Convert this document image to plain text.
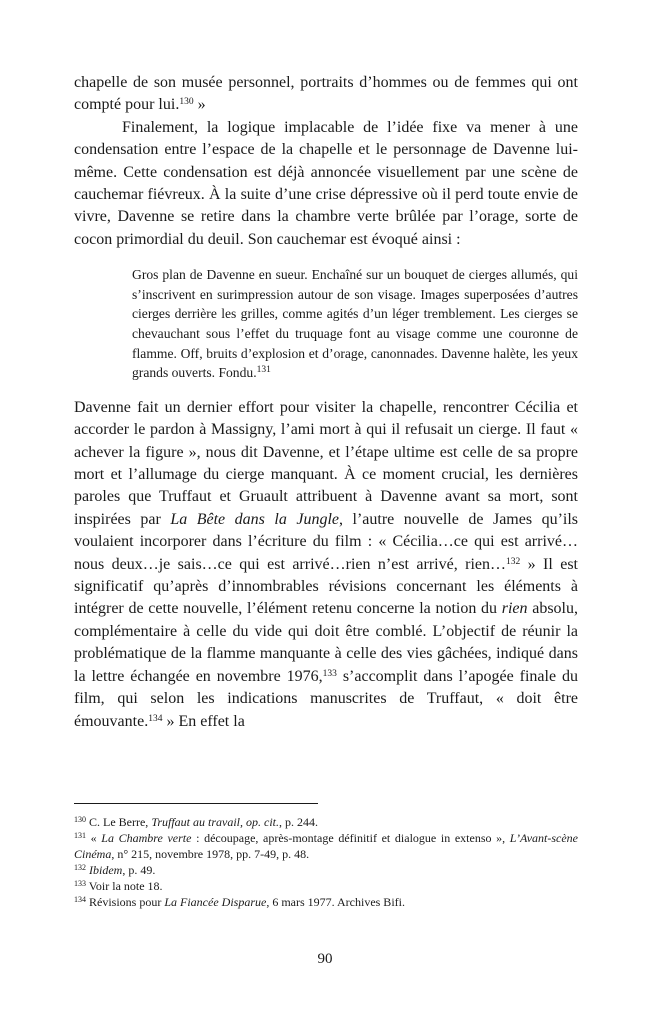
chapelle de son musée personnel, portraits d’hommes ou de femmes qui ont compté pour lui.$^{130}$ »

Finalement, la logique implacable de l’idée fixe va mener à une condensation entre l’espace de la chapelle et le personnage de Davenne lui-même. Cette condensation est déjà annoncée visuellement par une scène de cauchemar fiévreux. À la suite d’une crise dépressive où il perd toute envie de vivre, Davenne se retire dans la chambre verte brûlée par l’orage, sorte de cocon primordial du deuil. Son cauchemar est évoqué ainsi :

Gros plan de Davenne en sueur. Enchaîné sur un bouquet de cierges allumés, qui s’inscrivent en surimpression autour de son visage. Images superposées d’autres cierges derrière les grilles, comme agités d’un léger tremblement. Les cierges se chevauchant sous l’effet du truquage font au visage comme une couronne de flamme. Off, bruits d’explosion et d’orage, canonnades. Davenne halète, les yeux grands ouverts. Fondu.$^{131}$

Davenne fait un dernier effort pour visiter la chapelle, rencontrer Cécilia et accorder le pardon à Massigny, l’ami mort à qui il refusait un cierge. Il faut « achever la figure », nous dit Davenne, et l’étape ultime est celle de sa propre mort et l’allumage du cierge manquant. À ce moment crucial, les dernières paroles que Truffaut et Gruault attribuent à Davenne avant sa mort, sont inspirées par La Bête dans la Jungle, l’autre nouvelle de James qu’ils voulaient incorporer dans l’écriture du film : « Cécilia…ce qui est arrivé…nous deux…je sais…ce qui est arrivé…rien n’est arrivé, rien…$^{132}$ » Il est significatif qu’après d’innombrables révisions concernant les éléments à intégrer de cette nouvelle, l’élément retenu concerne la notion du rien absolu, complémentaire à celle du vide qui doit être comblé. L’objectif de réunir la problématique de la flamme manquante à celle des vies gâchées, indiqué dans la lettre échangée en novembre 1976,$^{133}$ s’accomplit dans l’apogée finale du film, qui selon les indications manuscrites de Truffaut, « doit être émouvante.$^{134}$ » En effet la

$^{130}$ C. Le Berre, Truffaut au travail, op. cit., p. 244.

$^{131}$ « La Chambre verte : découpage, après-montage définitif et dialogue in extenso », L’Avant-scène Cinéma, n° 215, novembre 1978, pp. 7-49, p. 48.

$^{132}$ Ibidem, p. 49.

$^{133}$ Voir la note 18.

$^{134}$ Révisions pour La Fiancée Disparue, 6 mars 1977. Archives Bifi.

90
